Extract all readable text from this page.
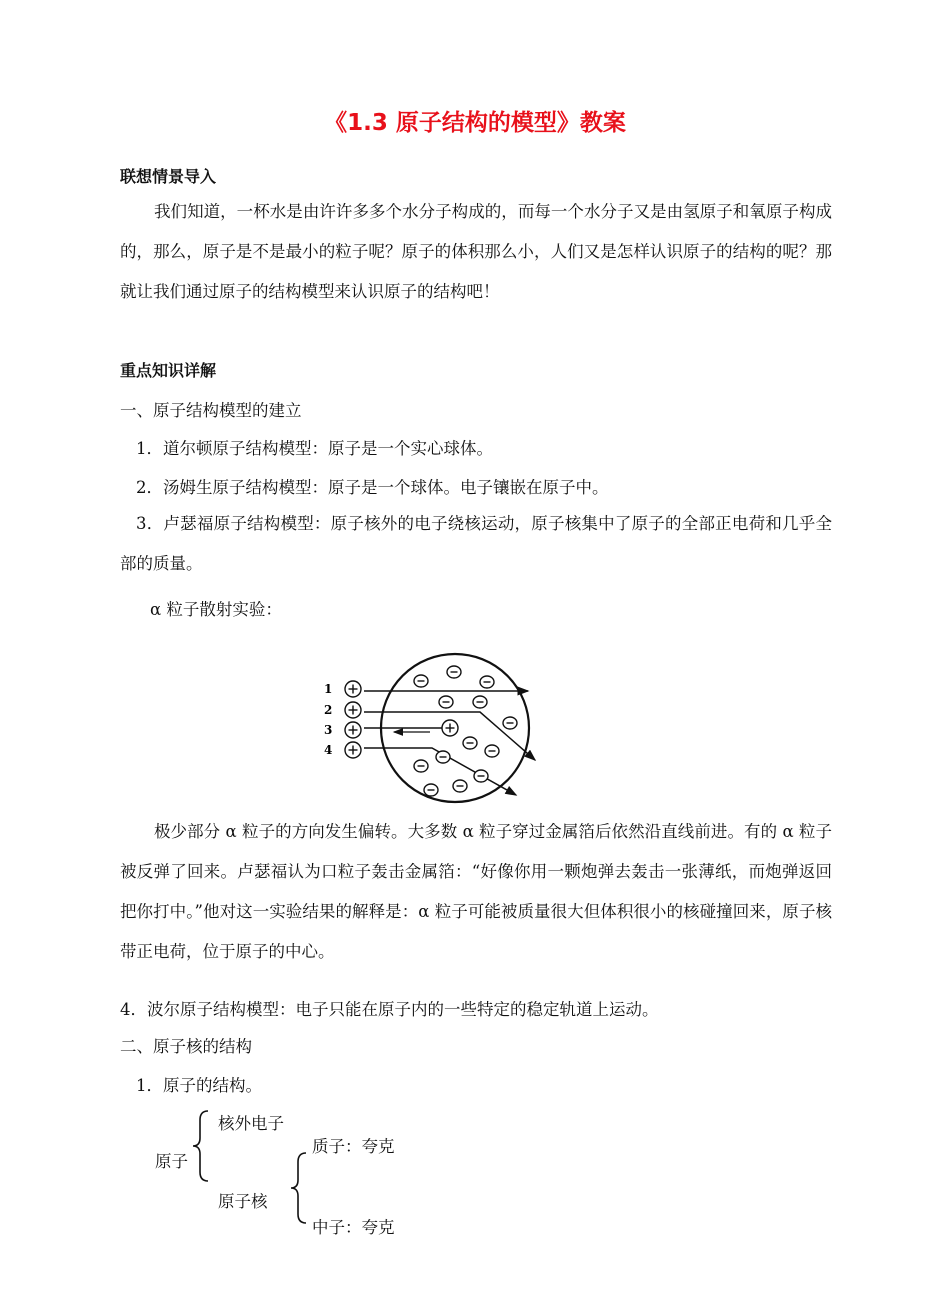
《1.3 原子结构的模型》教案
联想情景导入
我们知道，一杯水是由许许多多个水分子构成的，而每一个水分子又是由氢原子和氧原子构成的，那么，原子是不是最小的粒子呢？原子的体积那么小，人们又是怎样认识原子的结构的呢？那就让我们通过原子的结构模型来认识原子的结构吧！
重点知识详解
一、原子结构模型的建立
1．道尔顿原子结构模型：原子是一个实心球体。
2．汤姆生原子结构模型：原子是一个球体。电子镶嵌在原子中。
3．卢瑟福原子结构模型：原子核外的电子绕核运动，原子核集中了原子的全部正电荷和几乎全部的质量。
α 粒子散射实验：
1
2
3
4
极少部分 α 粒子的方向发生偏转。大多数 α 粒子穿过金属箔后依然沿直线前进。有的 α 粒子被反弹了回来。卢瑟福认为口粒子轰击金属箔：“好像你用一颗炮弹去轰击一张薄纸，而炮弹返回把你打中。”他对这一实验结果的解释是：α 粒子可能被质量很大但体积很小的核碰撞回来，原子核带正电荷，位于原子的中心。
4．波尔原子结构模型：电子只能在原子内的一些特定的稳定轨道上运动。
二、原子核的结构
1．原子的结构。
原子
核外电子
原子核
质子：夸克
中子：夸克
